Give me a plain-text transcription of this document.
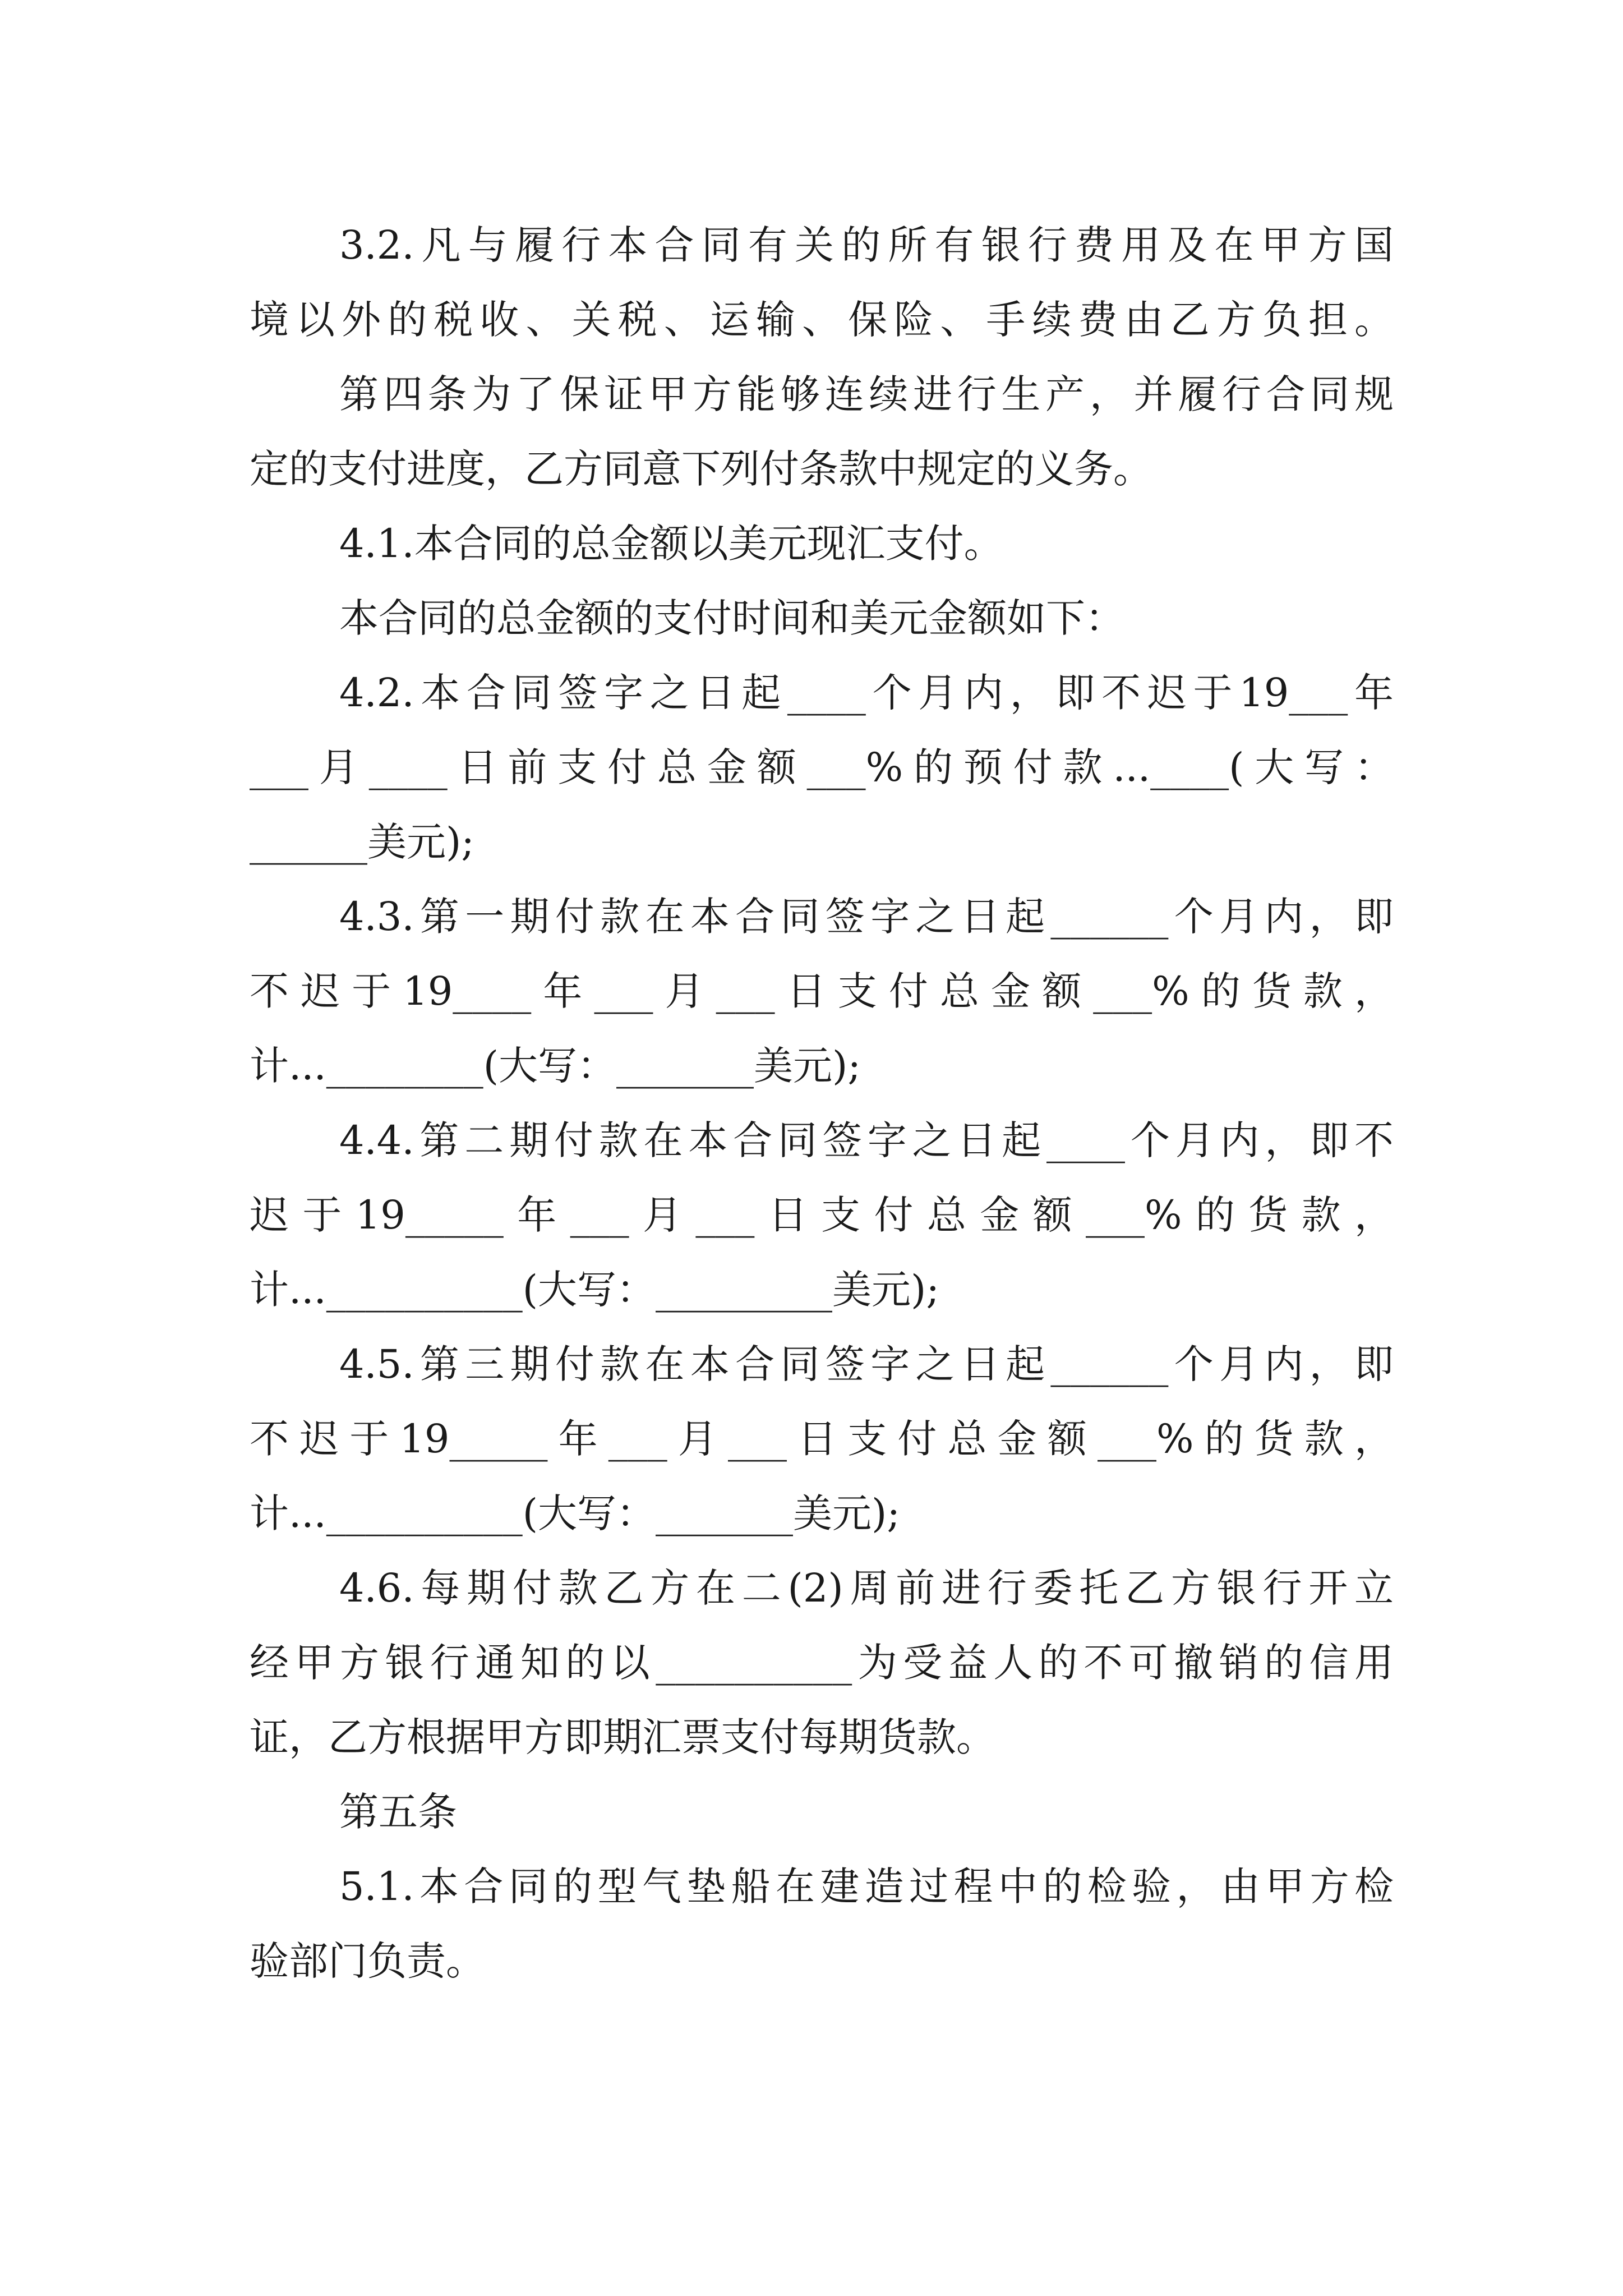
3.2.凡与履行本合同有关的所有银行费用及在甲方国
境以外的税收、关税、运输、保险、手续费由乙方负担。
第四条为了保证甲方能够连续进行生产，并履行合同规
定的支付进度，乙方同意下列付条款中规定的义务。
4.1.本合同的总金额以美元现汇支付。
本合同的总金额的支付时间和美元金额如下：
4.2.本合同签字之日起____个月内，即不迟于19___年
___月____日前支付总金额___%的预付款...____(大写：
______美元);
4.3.第一期付款在本合同签字之日起______个月内，即
不迟于19____年___月___日支付总金额___%的货款，
计...________(大写：_______美元);
4.4.第二期付款在本合同签字之日起____个月内，即不
迟于19_____年___月___日支付总金额___%的货款，
计...__________(大写：_________美元);
4.5.第三期付款在本合同签字之日起______个月内，即
不迟于19_____年___月___日支付总金额___%的货款，
计...__________(大写：_______美元);
4.6.每期付款乙方在二(2)周前进行委托乙方银行开立
经甲方银行通知的以__________为受益人的不可撤销的信用
证，乙方根据甲方即期汇票支付每期货款。
第五条
5.1.本合同的型气垫船在建造过程中的检验，由甲方检
验部门负责。
